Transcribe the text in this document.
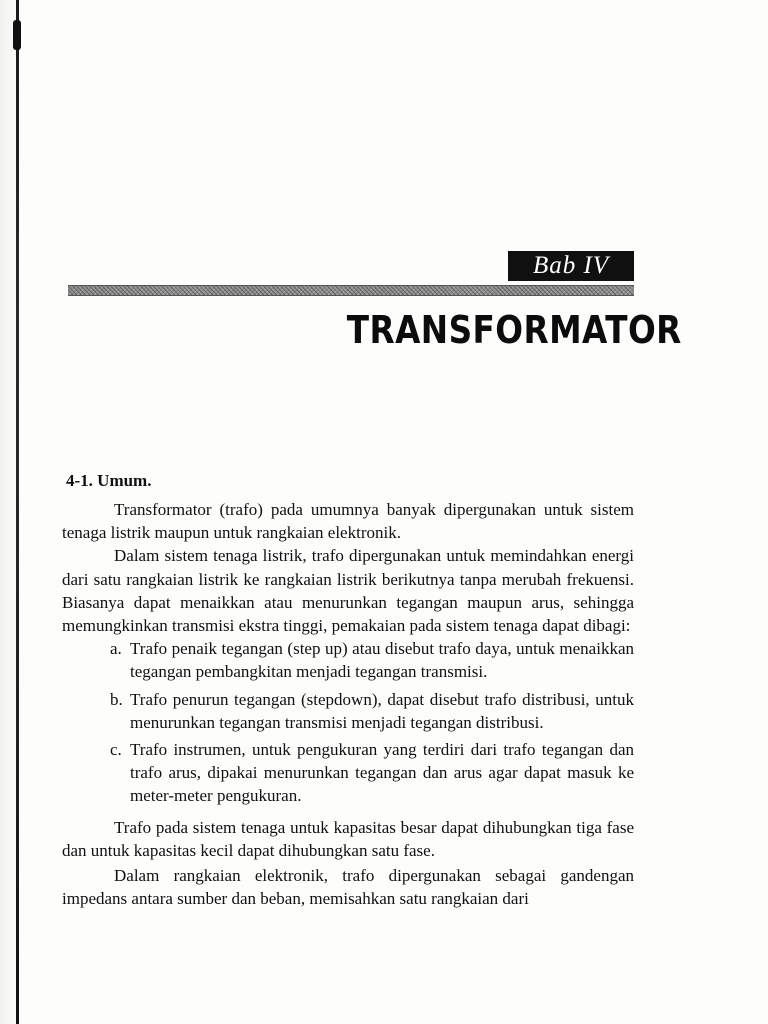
Bab IV
TRANSFORMATOR
4-1. Umum.

Transformator (trafo) pada umumnya banyak dipergunakan untuk sistem tenaga listrik maupun untuk rangkaian elektronik.

Dalam sistem tenaga listrik, trafo dipergunakan untuk memindahkan energi dari satu rangkaian listrik ke rangkaian listrik berikutnya tanpa merubah frekuensi. Biasanya dapat menaikkan atau menurunkan tegangan maupun arus, sehingga memungkinkan transmisi ekstra tinggi, pemakaian pada sistem tenaga dapat dibagi:

a. Trafo penaik tegangan (step up) atau disebut trafo daya, untuk menaikkan tegangan pembangkitan menjadi tegangan transmisi.
b. Trafo penurun tegangan (stepdown), dapat disebut trafo distribusi, untuk menurunkan tegangan transmisi menjadi tegangan distribusi.
c. Trafo instrumen, untuk pengukuran yang terdiri dari trafo tegangan dan trafo arus, dipakai menurunkan tegangan dan arus agar dapat masuk ke meter-meter pengukuran.

Trafo pada sistem tenaga untuk kapasitas besar dapat dihubungkan tiga fase dan untuk kapasitas kecil dapat dihubungkan satu fase.

Dalam rangkaian elektronik, trafo dipergunakan sebagai gandengan impedans antara sumber dan beban, memisahkan satu rangkaian dari
